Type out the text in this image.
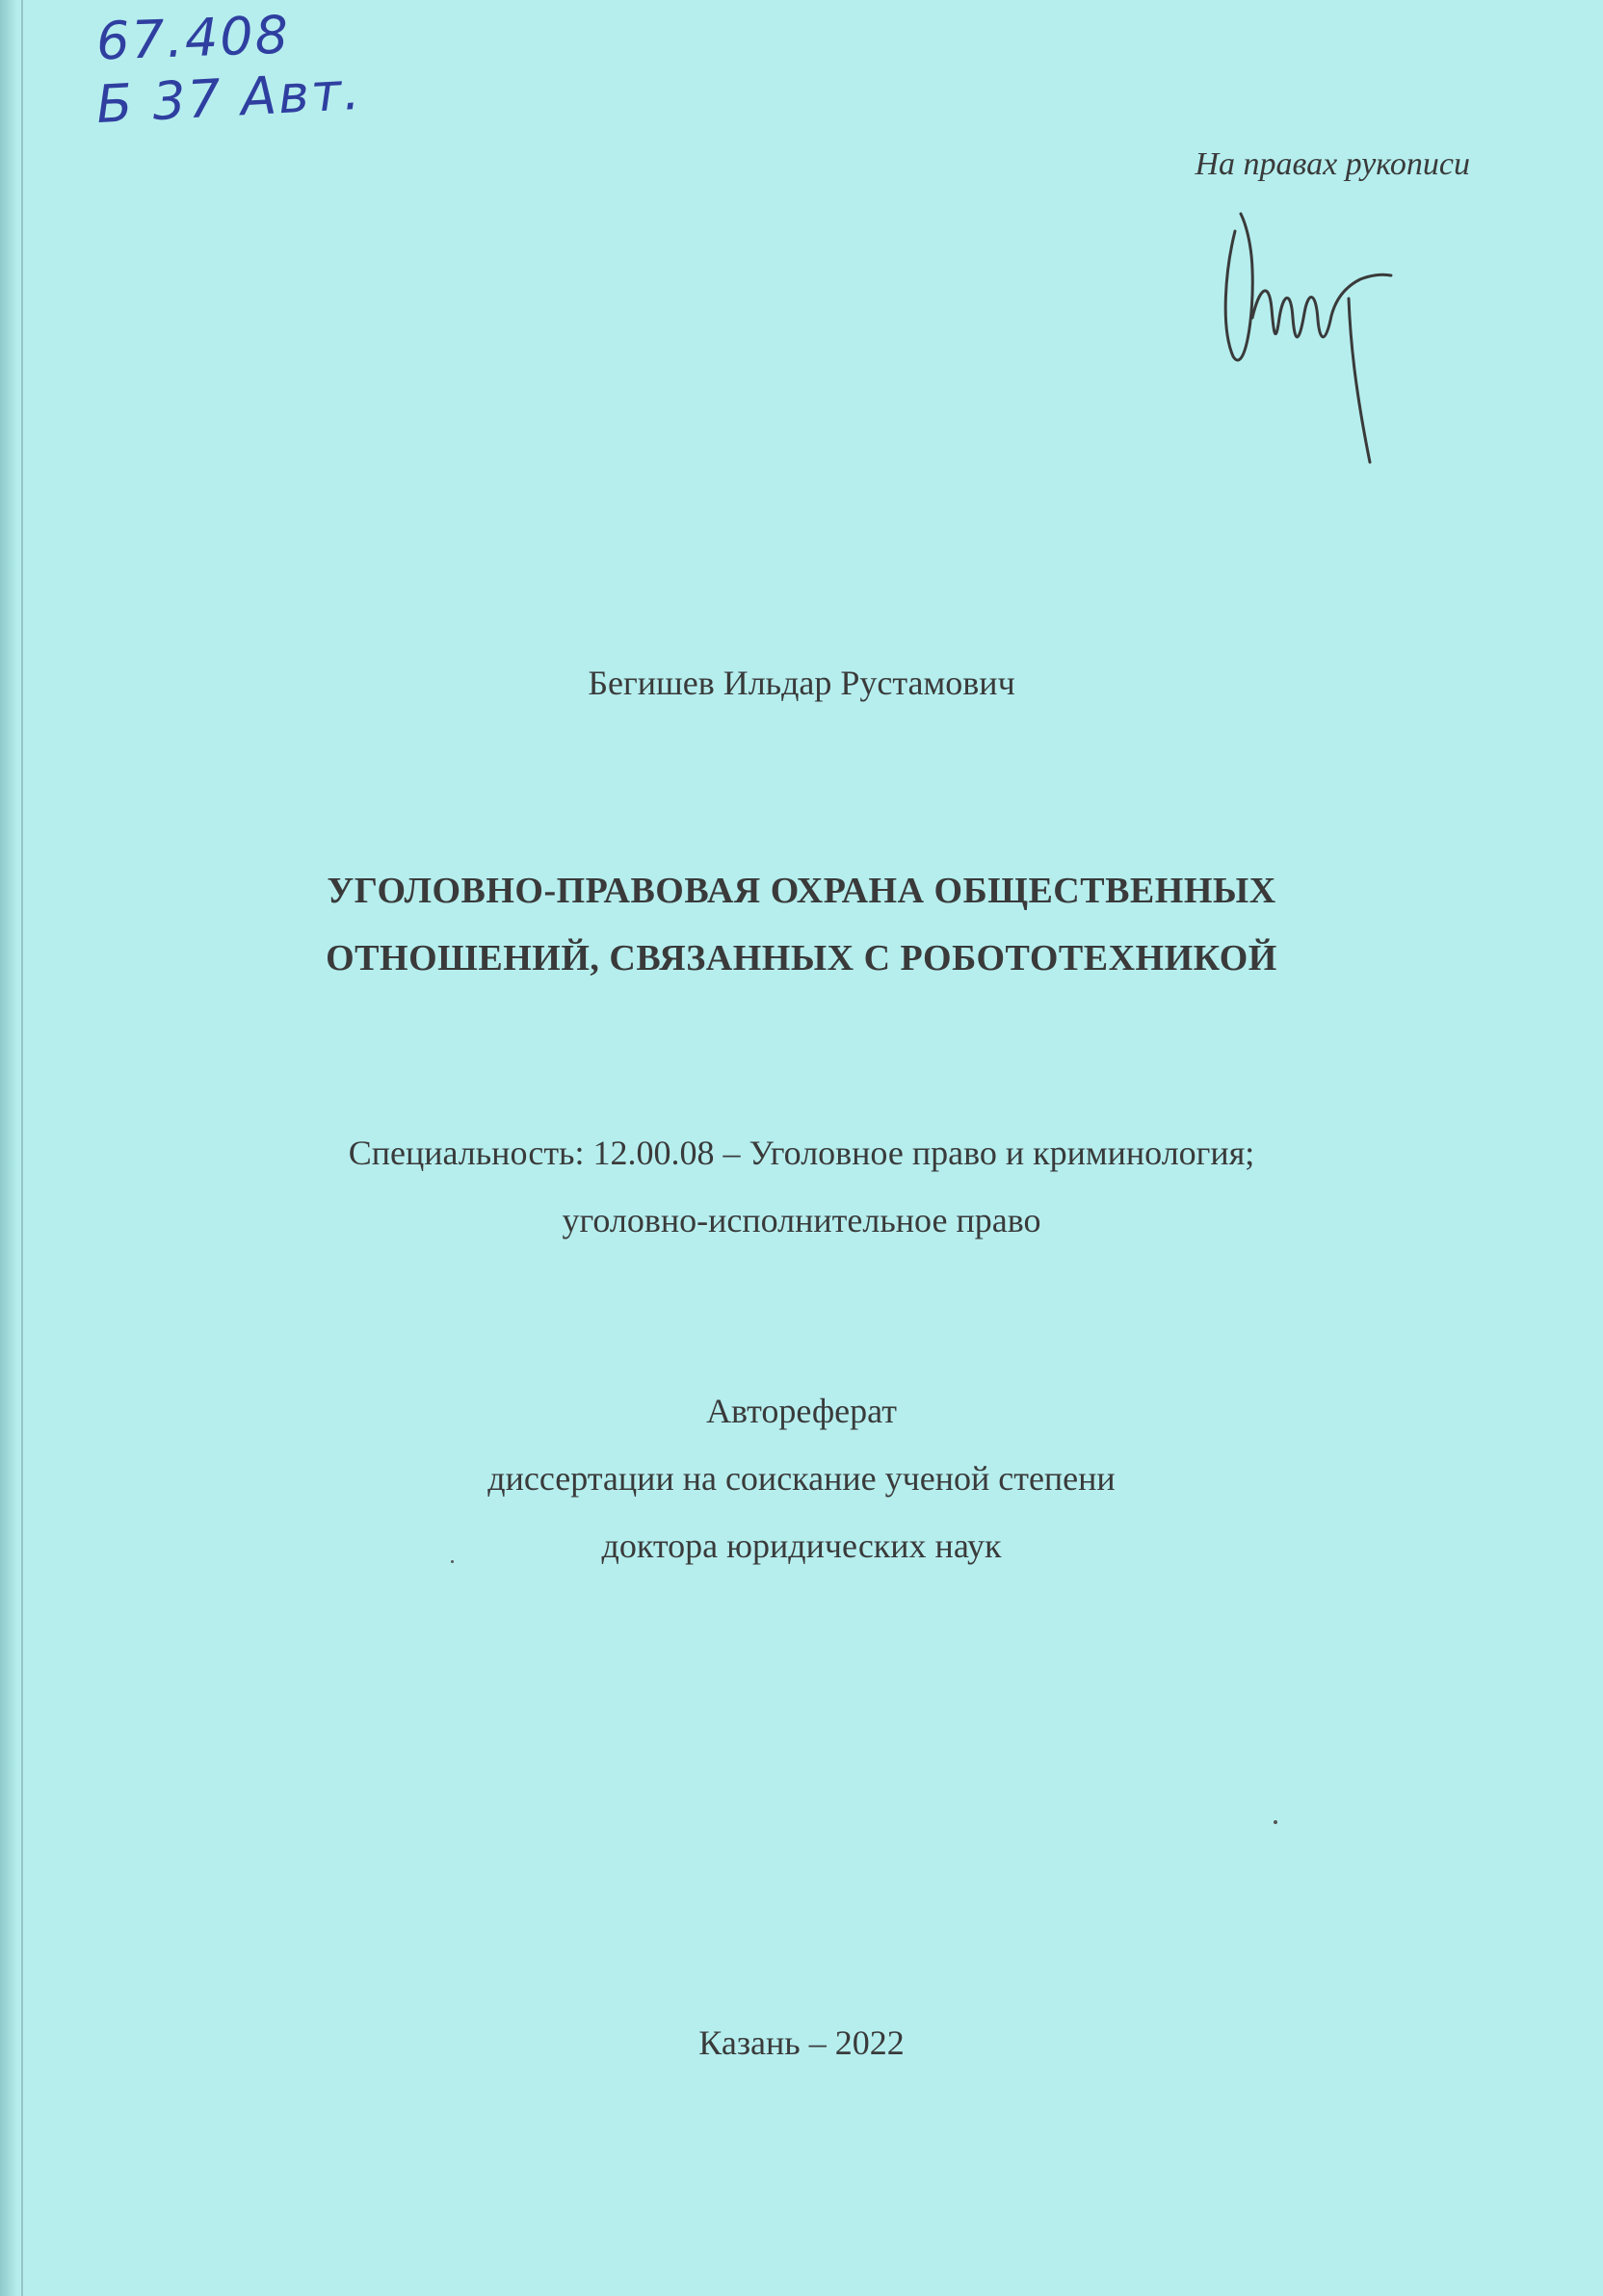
67.408
Б 37 Авт.
На правах рукописи
Бегишев Ильдар Рустамович
УГОЛОВНО-ПРАВОВАЯ ОХРАНА ОБЩЕСТВЕННЫХ
ОТНОШЕНИЙ, СВЯЗАННЫХ С РОБОТОТЕХНИКОЙ
Специальность: 12.00.08 – Уголовное право и криминология;
уголовно-исполнительное право
Автореферат
диссертации на соискание ученой степени
доктора юридических наук
Казань – 2022
